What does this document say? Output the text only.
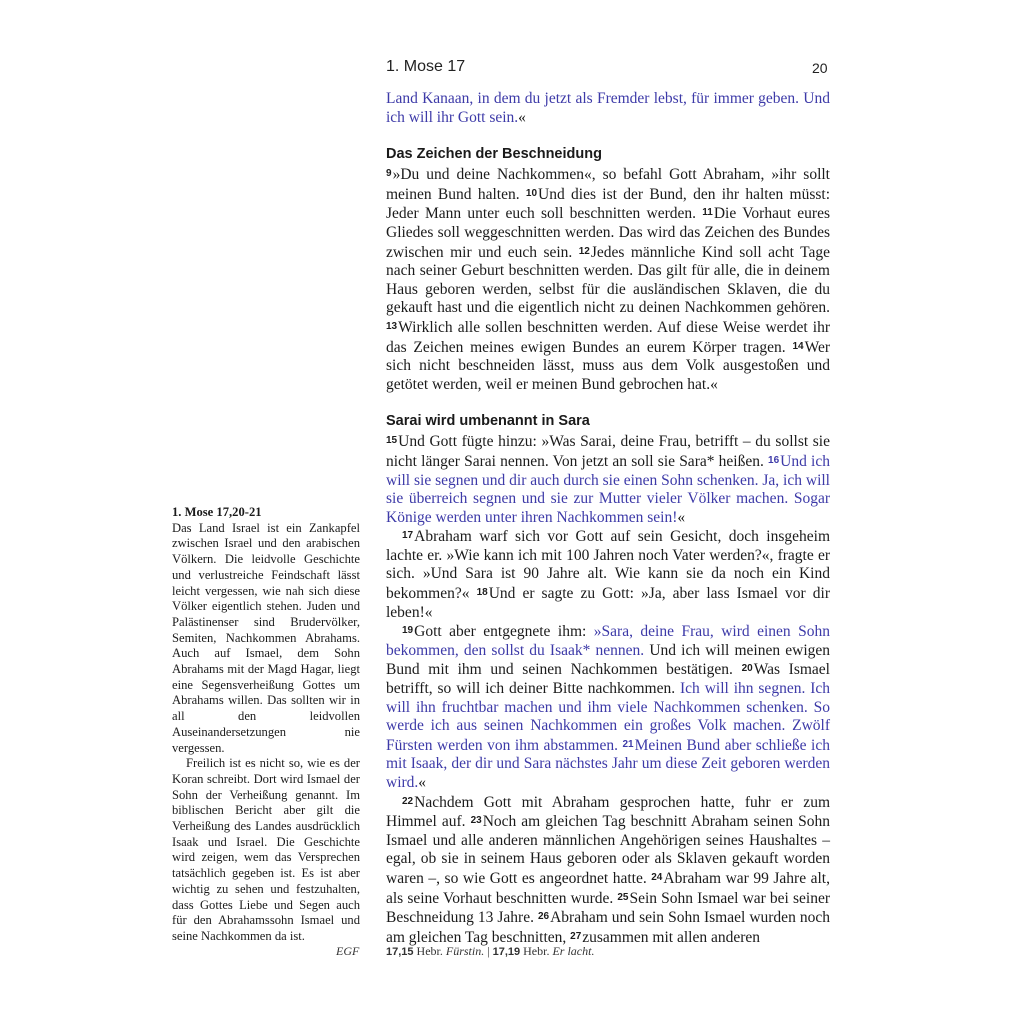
1. Mose 17	20

Land Kanaan, in dem du jetzt als Fremder lebst, für immer geben. Und ich will ihr Gott sein.«

Das Zeichen der Beschneidung

9»Du und deine Nachkommen«, so befahl Gott Abraham, »ihr sollt meinen Bund halten. 10Und dies ist der Bund, den ihr halten müsst: Jeder Mann unter euch soll beschnitten werden. 11Die Vorhaut eures Gliedes soll weggeschnitten werden. Das wird das Zeichen des Bundes zwischen mir und euch sein. 12Jedes männliche Kind soll acht Tage nach seiner Geburt beschnitten werden. Das gilt für alle, die in deinem Haus geboren werden, selbst für die ausländischen Sklaven, die du gekauft hast und die eigentlich nicht zu deinen Nachkommen gehören. 13Wirklich alle sollen beschnitten werden. Auf diese Weise werdet ihr das Zeichen meines ewigen Bundes an eurem Körper tragen. 14Wer sich nicht beschneiden lässt, muss aus dem Volk ausgestoßen und getötet werden, weil er meinen Bund gebrochen hat.«

Sarai wird umbenannt in Sara

15Und Gott fügte hinzu: »Was Sarai, deine Frau, betrifft – du sollst sie nicht länger Sarai nennen. Von jetzt an soll sie Sara* heißen. 16Und ich will sie segnen und dir auch durch sie einen Sohn schenken. Ja, ich will sie überreich segnen und sie zur Mutter vieler Völker machen. Sogar Könige werden unter ihren Nachkommen sein!«

17Abraham warf sich vor Gott auf sein Gesicht, doch insgeheim lachte er. »Wie kann ich mit 100 Jahren noch Vater werden?«, fragte er sich. »Und Sara ist 90 Jahre alt. Wie kann sie da noch ein Kind bekommen?« 18Und er sagte zu Gott: »Ja, aber lass Ismael vor dir leben!«

19Gott aber entgegnete ihm: »Sara, deine Frau, wird einen Sohn bekommen, den sollst du Isaak* nennen. Und ich will meinen ewigen Bund mit ihm und seinen Nachkommen bestätigen. 20Was Ismael betrifft, so will ich deiner Bitte nachkommen. Ich will ihn segnen. Ich will ihn fruchtbar machen und ihm viele Nachkommen schenken. So werde ich aus seinen Nachkommen ein großes Volk machen. Zwölf Fürsten werden von ihm abstammen. 21Meinen Bund aber schließe ich mit Isaak, der dir und Sara nächstes Jahr um diese Zeit geboren werden wird.«

22Nachdem Gott mit Abraham gesprochen hatte, fuhr er zum Himmel auf. 23Noch am gleichen Tag beschnitt Abraham seinen Sohn Ismael und alle anderen männlichen Angehörigen seines Haushaltes – egal, ob sie in seinem Haus geboren oder als Sklaven gekauft worden waren –, so wie Gott es angeordnet hatte. 24Abraham war 99 Jahre alt, als seine Vorhaut beschnitten wurde. 25Sein Sohn Ismael war bei seiner Beschneidung 13 Jahre. 26Abraham und sein Sohn Ismael wurden noch am gleichen Tag beschnitten, 27zusammen mit allen anderen

1. Mose 17,20-21

Das Land Israel ist ein Zankapfel zwischen Israel und den arabischen Völkern. Die leidvolle Geschichte und verlustreiche Feindschaft lässt leicht vergessen, wie nah sich diese Völker eigentlich stehen. Juden und Palästinenser sind Brudervölker, Semiten, Nachkommen Abrahams. Auch auf Ismael, dem Sohn Abrahams mit der Magd Hagar, liegt eine Segensverheißung Gottes um Abrahams willen. Das sollten wir in all den leidvollen Auseinandersetzungen nie vergessen.

Freilich ist es nicht so, wie es der Koran schreibt. Dort wird Ismael der Sohn der Verheißung genannt. Im biblischen Bericht aber gilt die Verheißung des Landes ausdrücklich Isaak und Israel. Die Geschichte wird zeigen, wem das Versprechen tatsächlich gegeben ist. Es ist aber wichtig zu sehen und festzuhalten, dass Gottes Liebe und Segen auch für den Abrahamssohn Ismael und seine Nachkommen da ist.

EGF 17,15 Hebr. Fürstin. | 17,19 Hebr. Er lacht.
